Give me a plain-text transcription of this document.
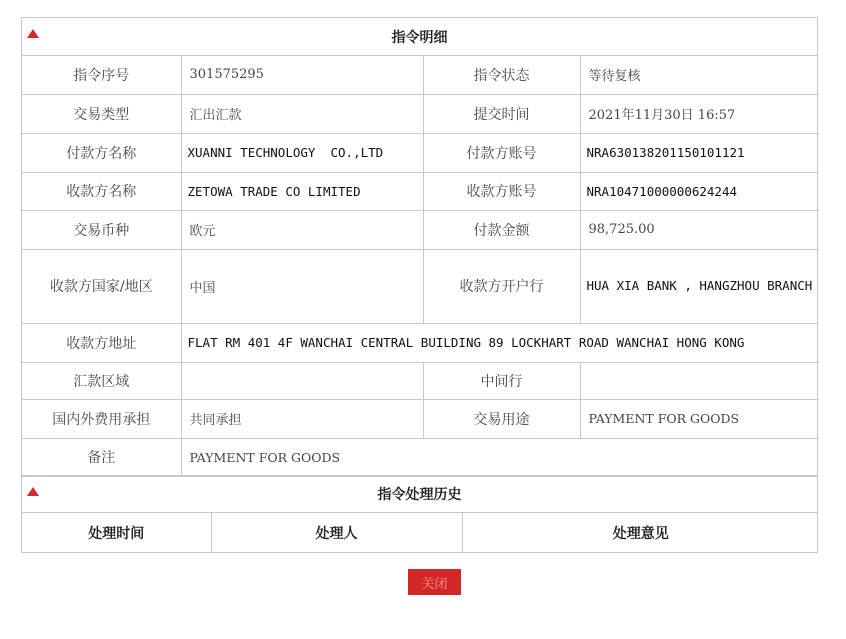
指令明细
指令序号	301575295	指令状态	等待复核
交易类型	汇出汇款	提交时间	2021年11月30日 16:57
付款方名称	XUANNI TECHNOLOGY  CO.,LTD	付款方账号	NRA630138201150101121
收款方名称	ZETOWA TRADE CO LIMITED	收款方账号	NRA10471000000624244
交易币种	欧元	付款金额	98,725.00
收款方国家/地区	中国	收款方开户行	HUA XIA BANK , HANGZHOU BRANCH
收款方地址	FLAT RM 401 4F WANCHAI CENTRAL BUILDING 89 LOCKHART ROAD WANCHAI HONG KONG		
汇款区域		中间行	
国内外费用承担	共同承担	交易用途	PAYMENT FOR GOODS
备注	PAYMENT FOR GOODS		
指令处理历史
处理时间	处理人	处理意见
关闭
